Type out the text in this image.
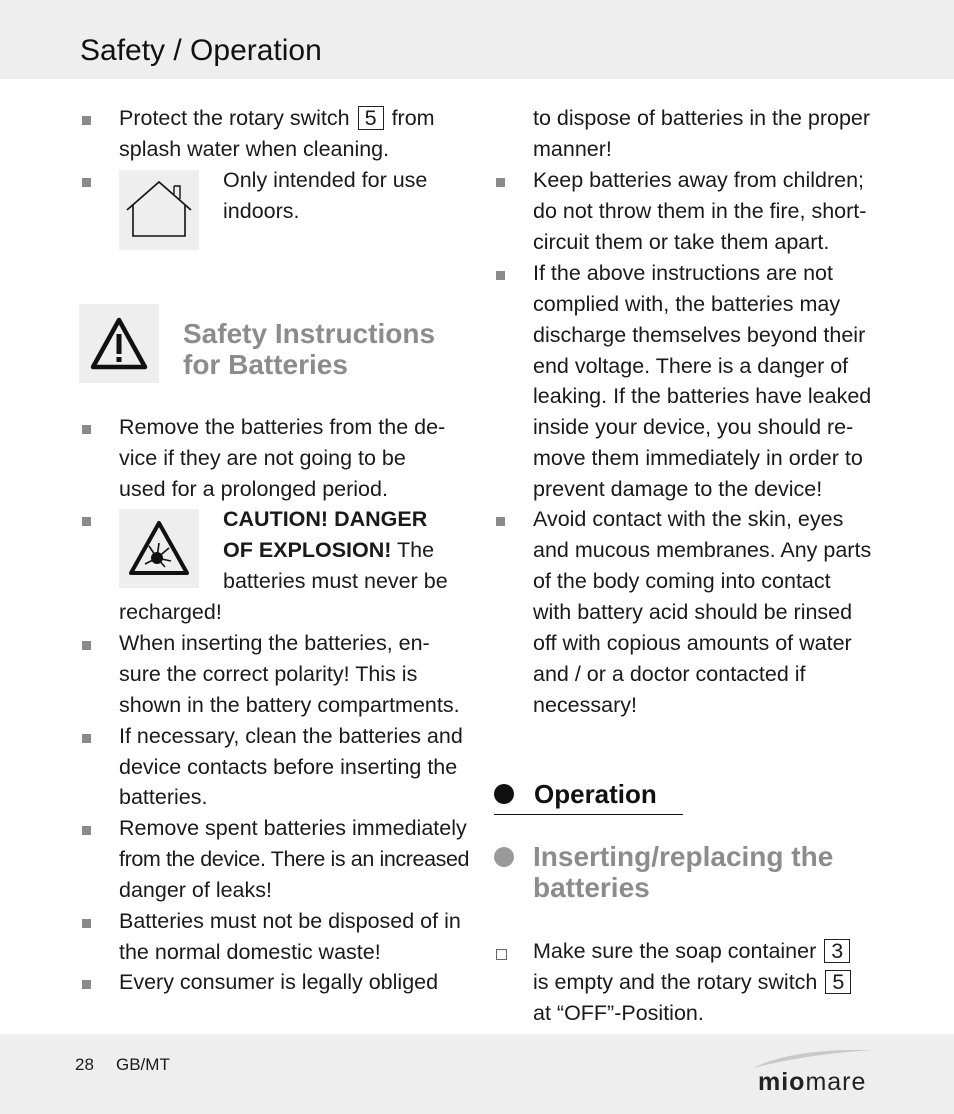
Safety / Operation
Protect the rotary switch 5 from
splash water when cleaning.
Only intended for use
indoors.
Safety Instructions
for Batteries
Remove the batteries from the de-
vice if they are not going to be
used for a prolonged period.
CAUTION! DANGER
OF EXPLOSION! The
batteries must never be
recharged!
When inserting the batteries, en-
sure the correct polarity! This is
shown in the battery compartments.
If necessary, clean the batteries and
device contacts before inserting the
batteries.
Remove spent batteries immediately
from the device. There is an increased
danger of leaks!
Batteries must not be disposed of in
the normal domestic waste!
Every consumer is legally obliged
to dispose of batteries in the proper
manner!
Keep batteries away from children;
do not throw them in the fire, short-
circuit them or take them apart.
If the above instructions are not
complied with, the batteries may
discharge themselves beyond their
end voltage. There is a danger of
leaking. If the batteries have leaked
inside your device, you should re-
move them immediately in order to
prevent damage to the device!
Avoid contact with the skin, eyes
and mucous membranes. Any parts
of the body coming into contact
with battery acid should be rinsed
off with copious amounts of water
and / or a doctor contacted if
necessary!
Operation
Inserting/replacing the
batteries
Make sure the soap container 3
is empty and the rotary switch 5
at “OFF”-Position.
28 GB/MT
miomare
